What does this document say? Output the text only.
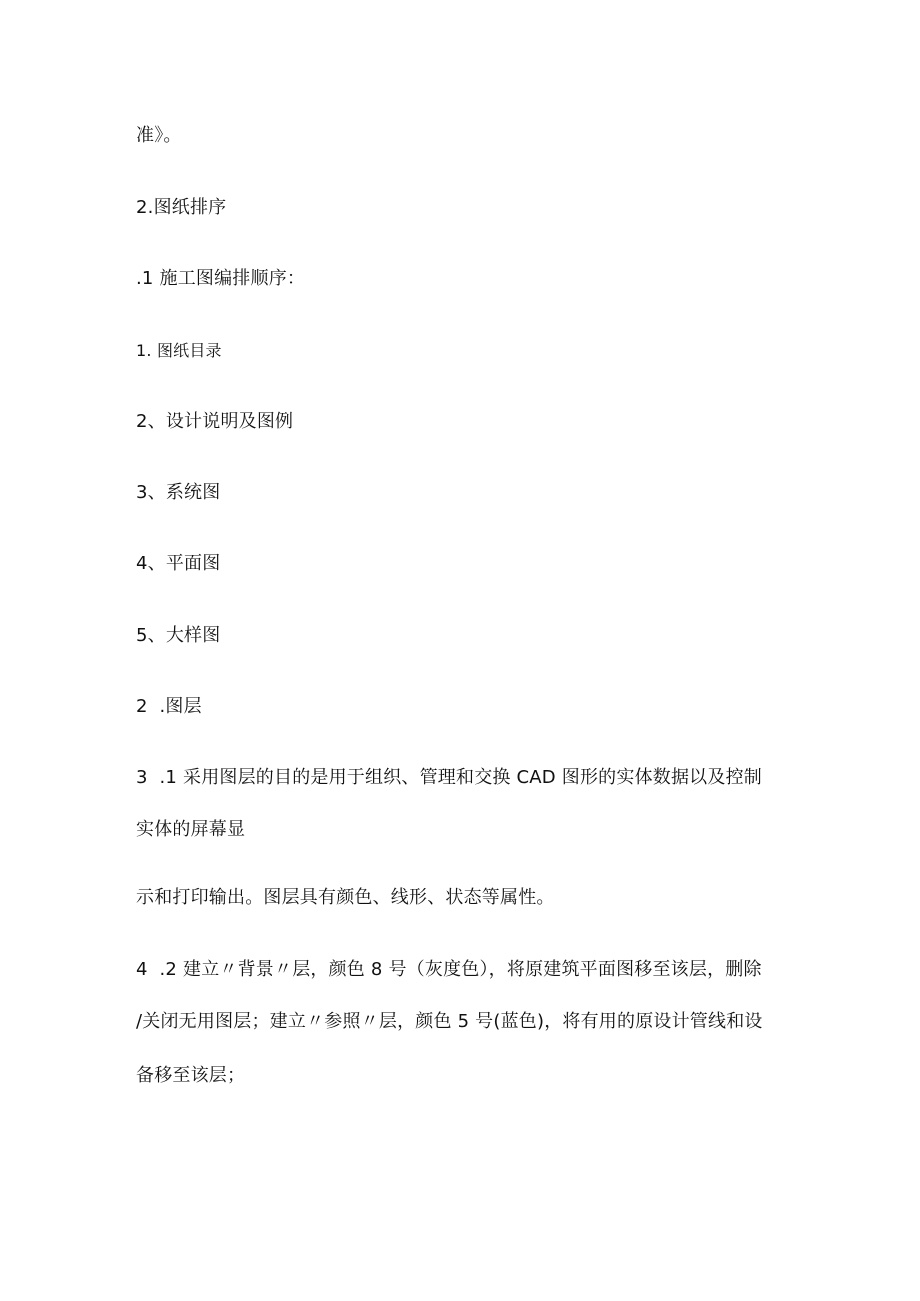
准》。
2.图纸排序
.1 施工图编排顺序：
1. 图纸目录
2、设计说明及图例
3、系统图
4、平面图
5、大样图
2  .图层
3  .1 采用图层的目的是用于组织、管理和交换 CAD 图形的实体数据以及控制
实体的屏幕显
示和打印输出。图层具有颜色、线形、状态等属性。
4  .2 建立〃背景〃层，颜色 8 号（灰度色），将原建筑平面图移至该层，删除
/关闭无用图层；建立〃参照〃层，颜色 5 号(蓝色)，将有用的原设计管线和设
备移至该层；
